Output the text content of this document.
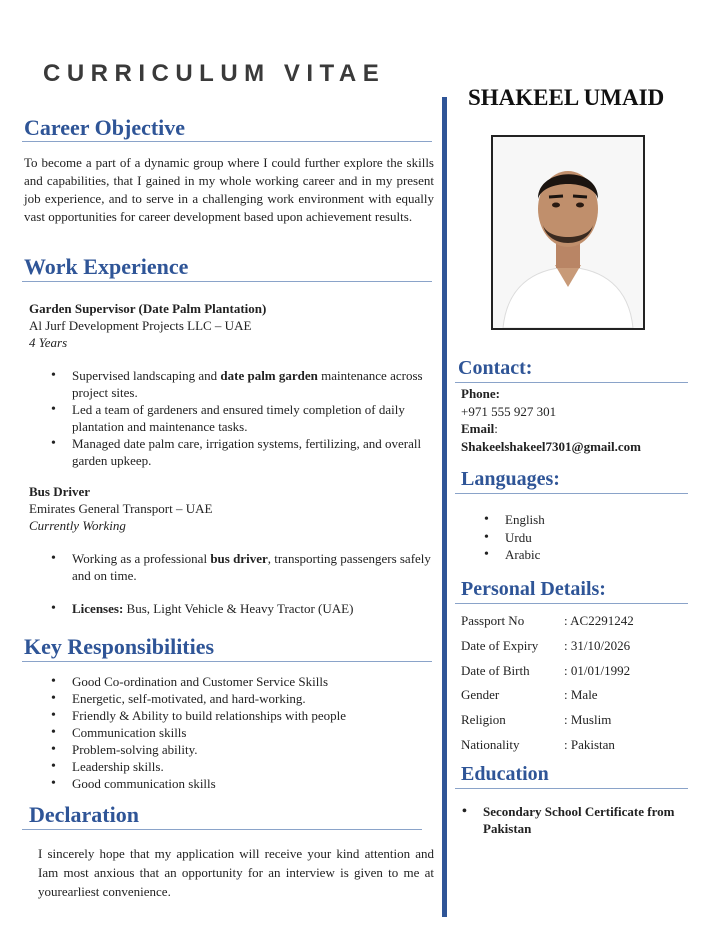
CURRICULUM VITAE
Career Objective
To become a part of a dynamic group where I could further explore the skills and capabilities, that I gained in my whole working career and in my present job experience, and to serve in a challenging work environment with equally vast opportunities for career development based upon achievement results.
Work Experience
Garden Supervisor (Date Palm Plantation)
Al Jurf Development Projects LLC – UAE
4 Years
• Supervised landscaping and date palm garden maintenance across project sites.
• Led a team of gardeners and ensured timely completion of daily plantation and maintenance tasks.
• Managed date palm care, irrigation systems, fertilizing, and overall garden upkeep.
Bus Driver
Emirates General Transport – UAE
Currently Working
• Working as a professional bus driver, transporting passengers safely and on time.
• Licenses: Bus, Light Vehicle & Heavy Tractor (UAE)
Key Responsibilities
• Good Co-ordination and Customer Service Skills
• Energetic, self-motivated, and hard-working.
• Friendly & Ability to build relationships with people
• Communication skills
• Problem-solving ability.
• Leadership skills.
• Good communication skills
Declaration
I sincerely hope that my application will receive your kind attention and Iam most anxious that an opportunity for an interview is given to me at yourearliest convenience.
SHAKEEL UMAID
Contact:
Phone:
+971 555 927 301
Email:
Shakeelshakeel7301@gmail.com
Languages:
• English
• Urdu
• Arabic
Personal Details:
Passport No	: AC2291242
Date of Expiry : 31/10/2026
Date of Birth	: 01/01/1992
Gender	: Male
Religion	: Muslim
Nationality	: Pakistan
Education
• Secondary School Certificate from Pakistan
